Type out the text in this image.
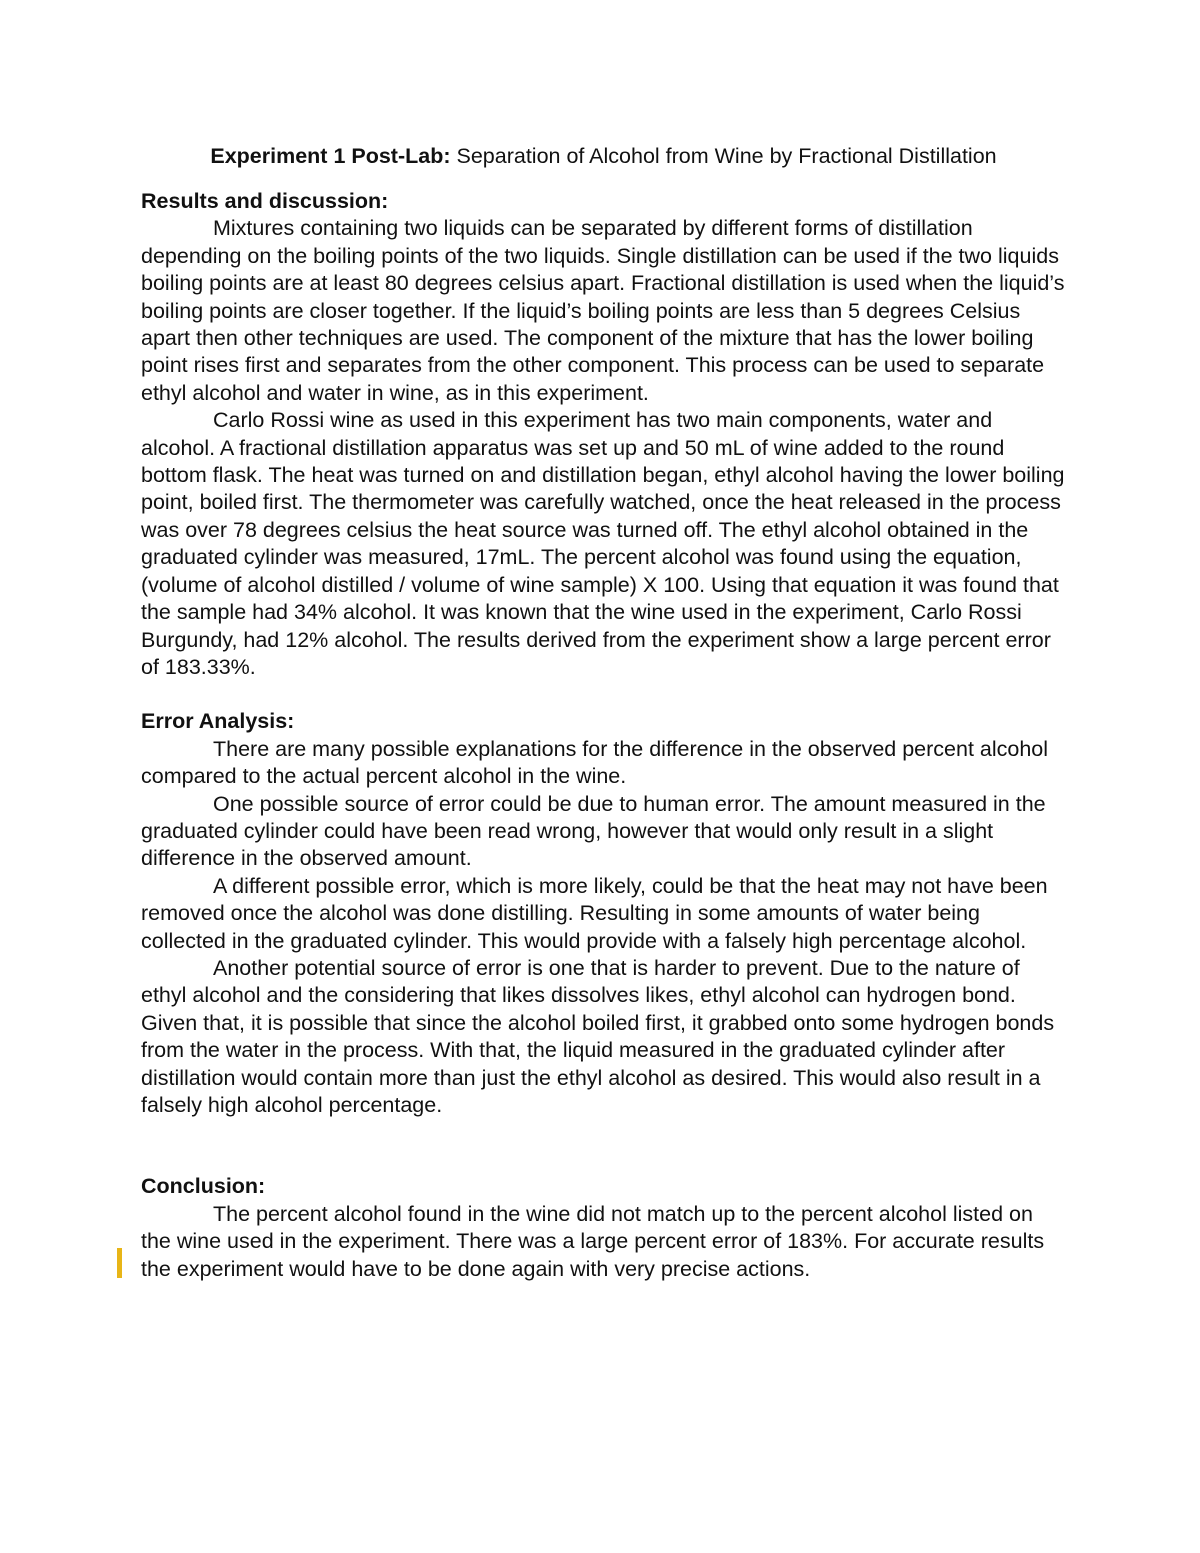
Experiment 1 Post-Lab: Separation of Alcohol from Wine by Fractional Distillation
Results and discussion:

Mixtures containing two liquids can be separated by different forms of distillation depending on the boiling points of the two liquids. Single distillation can be used if the two liquids boiling points are at least 80 degrees celsius apart. Fractional distillation is used when the liquid’s boiling points are closer together. If the liquid’s boiling points are less than 5 degrees Celsius apart then other techniques are used. The component of the mixture that has the lower boiling point rises first and separates from the other component. This process can be used to separate ethyl alcohol and water in wine, as in this experiment.

Carlo Rossi wine as used in this experiment has two main components, water and alcohol. A fractional distillation apparatus was set up and 50 mL of wine added to the round bottom flask. The heat was turned on and distillation began, ethyl alcohol having the lower boiling point, boiled first. The thermometer was carefully watched, once the heat released in the process was over 78 degrees celsius the heat source was turned off. The ethyl alcohol obtained in the graduated cylinder was measured, 17mL. The percent alcohol was found using the equation, (volume of alcohol distilled / volume of wine sample) X 100. Using that equation it was found that the sample had 34% alcohol. It was known that the wine used in the experiment, Carlo Rossi Burgundy, had 12% alcohol. The results derived from the experiment show a large percent error of 183.33%.

Error Analysis:

There are many possible explanations for the difference in the observed percent alcohol compared to the actual percent alcohol in the wine.

One possible source of error could be due to human error. The amount measured in the graduated cylinder could have been read wrong, however that would only result in a slight difference in the observed amount.

A different possible error, which is more likely, could be that the heat may not have been removed once the alcohol was done distilling. Resulting in some amounts of water being collected in the graduated cylinder. This would provide with a falsely high percentage alcohol.

Another potential source of error is one that is harder to prevent. Due to the nature of ethyl alcohol and the considering that likes dissolves likes, ethyl alcohol can hydrogen bond. Given that, it is possible that since the alcohol boiled first, it grabbed onto some hydrogen bonds from the water in the process. With that, the liquid measured in the graduated cylinder after distillation would contain more than just the ethyl alcohol as desired. This would also result in a falsely high alcohol percentage.

Conclusion:

The percent alcohol found in the wine did not match up to the percent alcohol listed on the wine used in the experiment. There was a large percent error of 183%. For accurate results the experiment would have to be done again with very precise actions.
